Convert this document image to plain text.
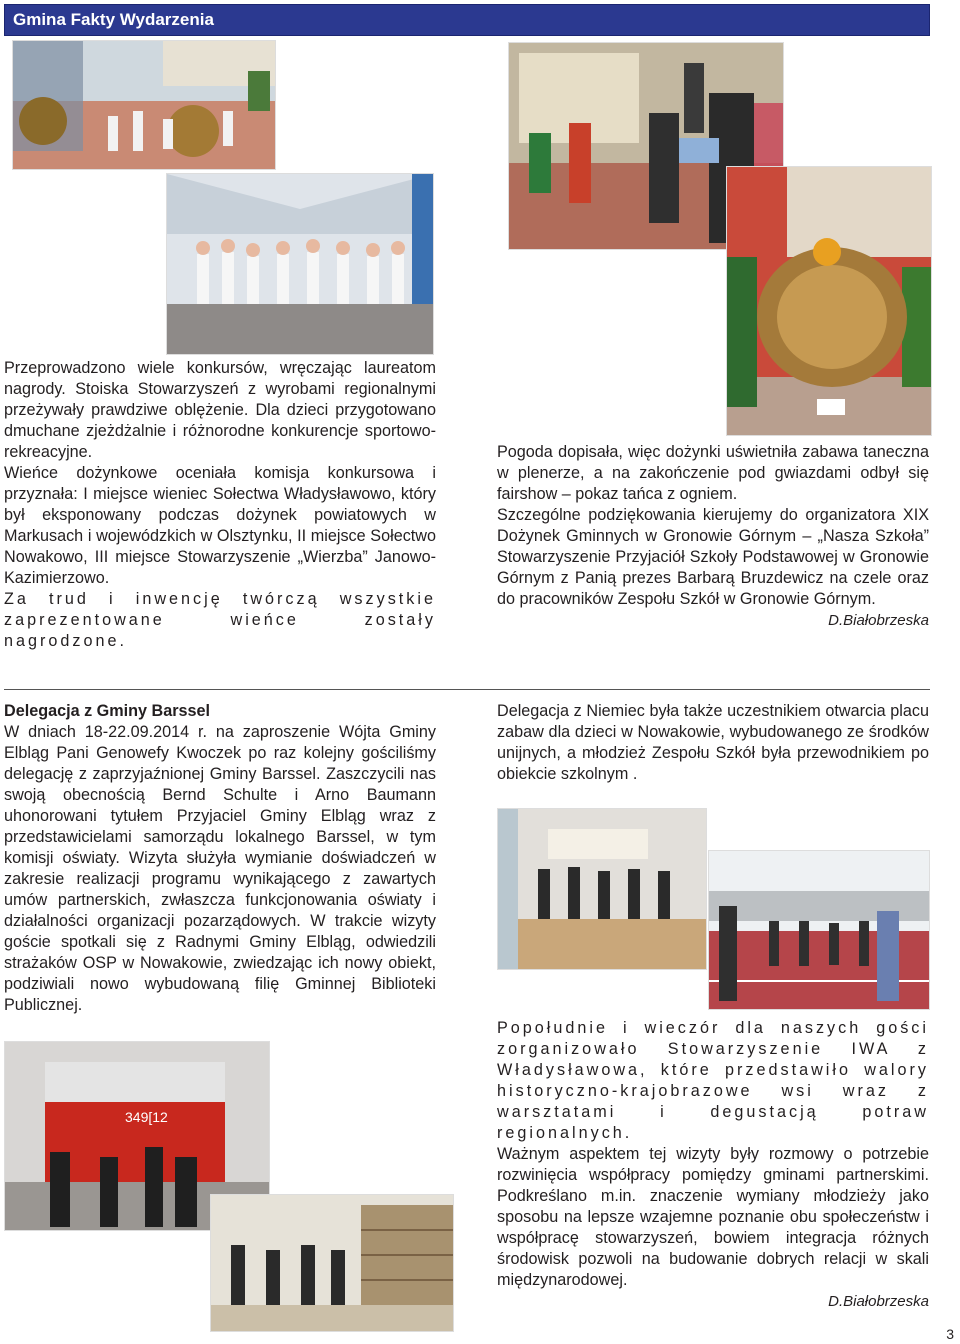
Gmina Fakty Wydarzenia

Przeprowadzono wiele konkursów, wręczając laureatom nagrody. Stoiska Stowarzyszeń z wyrobami regionalnymi przeżywały prawdziwe oblężenie. Dla dzieci przygotowano dmuchane zjeżdżalnie i różnorodne konkurencje sportowo-rekreacyjne.

Wieńce dożynkowe oceniała komisja konkursowa i przyznała: I miejsce wieniec Sołectwa Władysławowo, który był eksponowany podczas dożynek powiatowych w Markusach i wojewódzkich w Olsztynku, II miejsce Sołectwo Nowakowo, III miejsce Stowarzyszenie „Wierzba” Janowo-Kazimierzowo.

Za trud i inwencję twórczą wszystkie zaprezentowane wieńce zostały nagrodzone.

Pogoda dopisała, więc dożynki uświetniła zabawa taneczna w plenerze, a na zakończenie pod gwiazdami odbył się fairshow – pokaz tańca z ogniem.

Szczególne podziękowania kierujemy do organizatora XIX Dożynek Gminnych w Gronowie Górnym – „Nasza Szkoła” Stowarzyszenie Przyjaciół Szkoły Podstawowej w Gronowie Górnym z Panią prezes Barbarą Bruzdewicz na czele oraz do pracowników Zespołu Szkół w Gronowie Górnym.

D.Białobrzeska

Delegacja z Gminy Barssel

W dniach 18-22.09.2014 r. na zaproszenie Wójta Gminy Elbląg Pani Genowefy Kwoczek po raz kolejny gościliśmy delegację z zaprzyjaźnionej Gminy Barssel. Zaszczycili nas swoją obecnością Bernd Schulte i Arno Baumann uhonorowani tytułem Przyjaciel Gminy Elbląg wraz z przedstawicielami samorządu lokalnego Barssel, w tym komisji oświaty. Wizyta służyła wymianie doświadczeń w zakresie realizacji programu wynikającego z zawartych umów partnerskich, zwłaszcza funkcjonowania oświaty i działalności organizacji pozarządowych. W trakcie wizyty goście spotkali się z Radnymi Gminy Elbląg, odwiedzili strażaków OSP w Nowakowie, zwiedzając ich nowy obiekt, podziwiali nowo wybudowaną filię Gminnej Biblioteki Publicznej.

Delegacja z Niemiec była także uczestnikiem otwarcia placu zabaw dla dzieci w Nowakowie, wybudowanego ze środków unijnych, a młodzież Zespołu Szkół była przewodnikiem po obiekcie szkolnym .

Popołudnie i wieczór dla naszych gości zorganizowało Stowarzyszenie IWA z Władysławowa, które przedstawiło walory historyczno-krajobrazowe wsi wraz z warsztatami i degustacją potraw regionalnych.

Ważnym aspektem tej wizyty były rozmowy o potrzebie rozwinięcia współpracy pomiędzy gminami partnerskimi. Podkreślano m.in. znaczenie wymiany młodzieży jako sposobu na lepsze wzajemne poznanie obu społeczeństw i współpracę stowarzyszeń, bowiem integracja różnych środowisk pozwoli na budowanie dobrych relacji w skali międzynarodowej.

D.Białobrzeska

349[12
3
